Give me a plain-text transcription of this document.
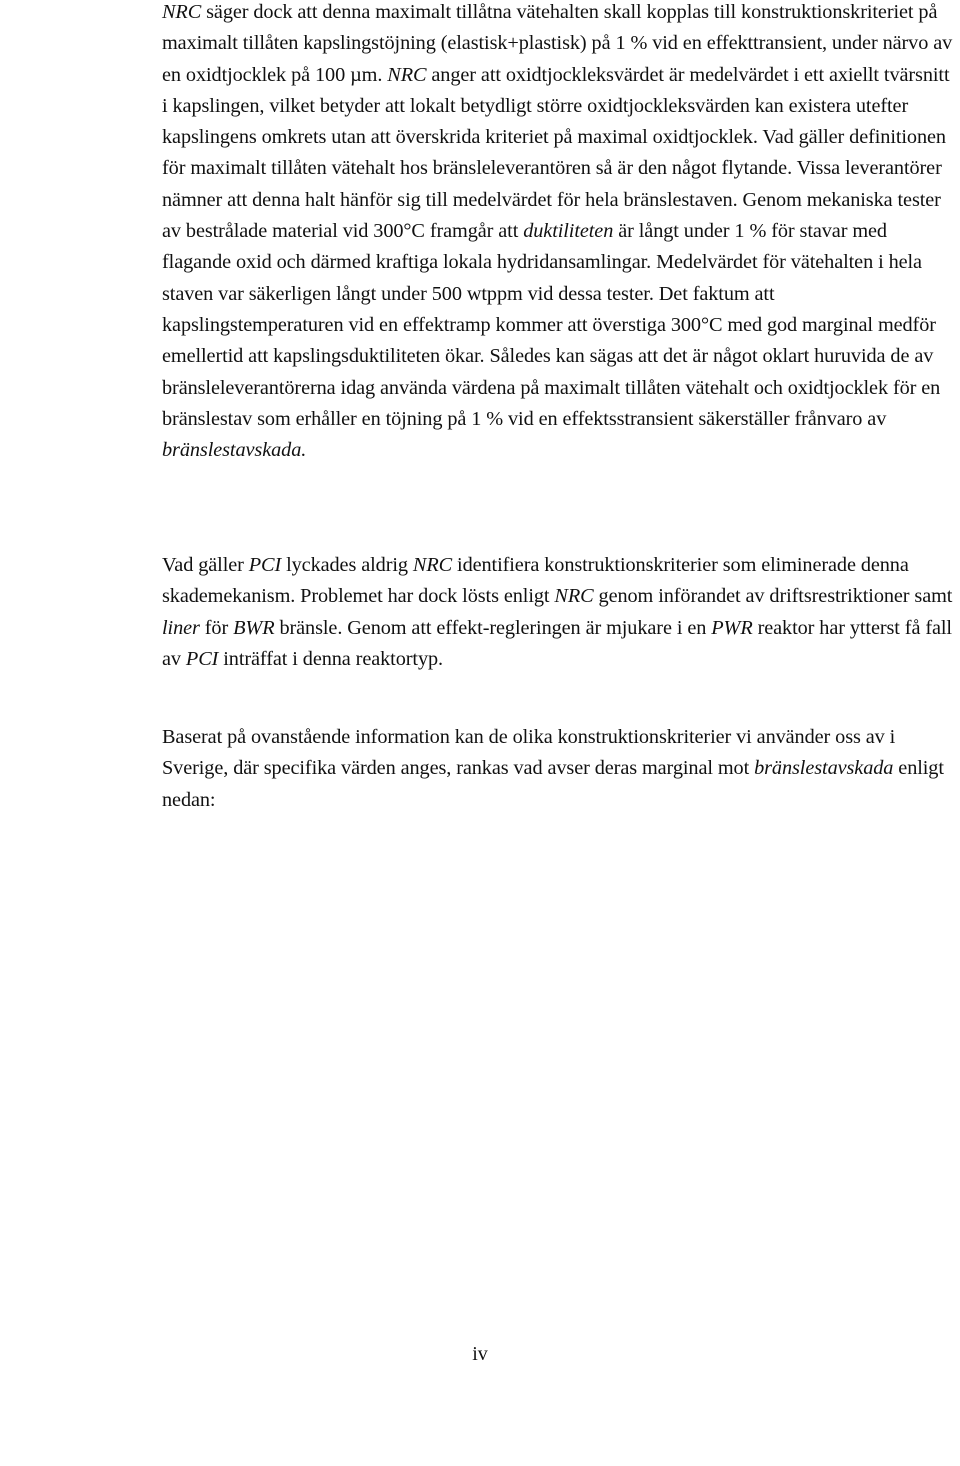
NRC säger dock att denna maximalt tillåtna vätehalten skall kopplas till konstruktionskriteriet på maximalt tillåten kapslingstöjning (elastisk+plastisk) på 1 % vid en effekttransient, under närvo av en oxidtjocklek på 100 µm. NRC anger att oxidtjockleksvärdet är medelvärdet i ett axiellt tvärsnitt i kapslingen, vilket betyder att lokalt betydligt större oxidtjockleksvärden kan existera utefter kapslingens omkrets utan att överskrida kriteriet på maximal oxidtjocklek. Vad gäller definitionen för maximalt tillåten vätehalt hos bränsleleverantören så är den något flytande. Vissa leverantörer nämner att denna halt hänför sig till medelvärdet för hela bränslestaven. Genom mekaniska tester av bestrålade material vid 300°C framgår att duktiliteten är långt under 1 % för stavar med flagande oxid och därmed kraftiga lokala hydridansamlingar. Medelvärdet för vätehalten i hela staven var säkerligen långt under 500 wtppm vid dessa tester. Det faktum att kapslingstemperaturen vid en effektramp kommer att överstiga 300°C med god marginal medför emellertid att kapslingsduktiliteten ökar. Således kan sägas att det är något oklart huruvida de av bränsleleverantörerna idag använda värdena på maximalt tillåten vätehalt och oxidtjocklek för en bränslestav som erhåller en töjning på 1 % vid en effektsstransient säkerställer frånvaro av bränslestavskada.

Vad gäller PCI lyckades aldrig NRC identifiera konstruktionskriterier som eliminerade denna skademekanism. Problemet har dock lösts enligt NRC genom införandet av driftsrestriktioner samt liner för BWR bränsle. Genom att effekt-regleringen är mjukare i en PWR reaktor har ytterst få fall av PCI inträffat i denna reaktortyp.

Baserat på ovanstående information kan de olika konstruktionskriterier vi använder oss av i Sverige, där specifika värden anges, rankas vad avser deras marginal mot bränslestavskada enligt nedan:

iv
